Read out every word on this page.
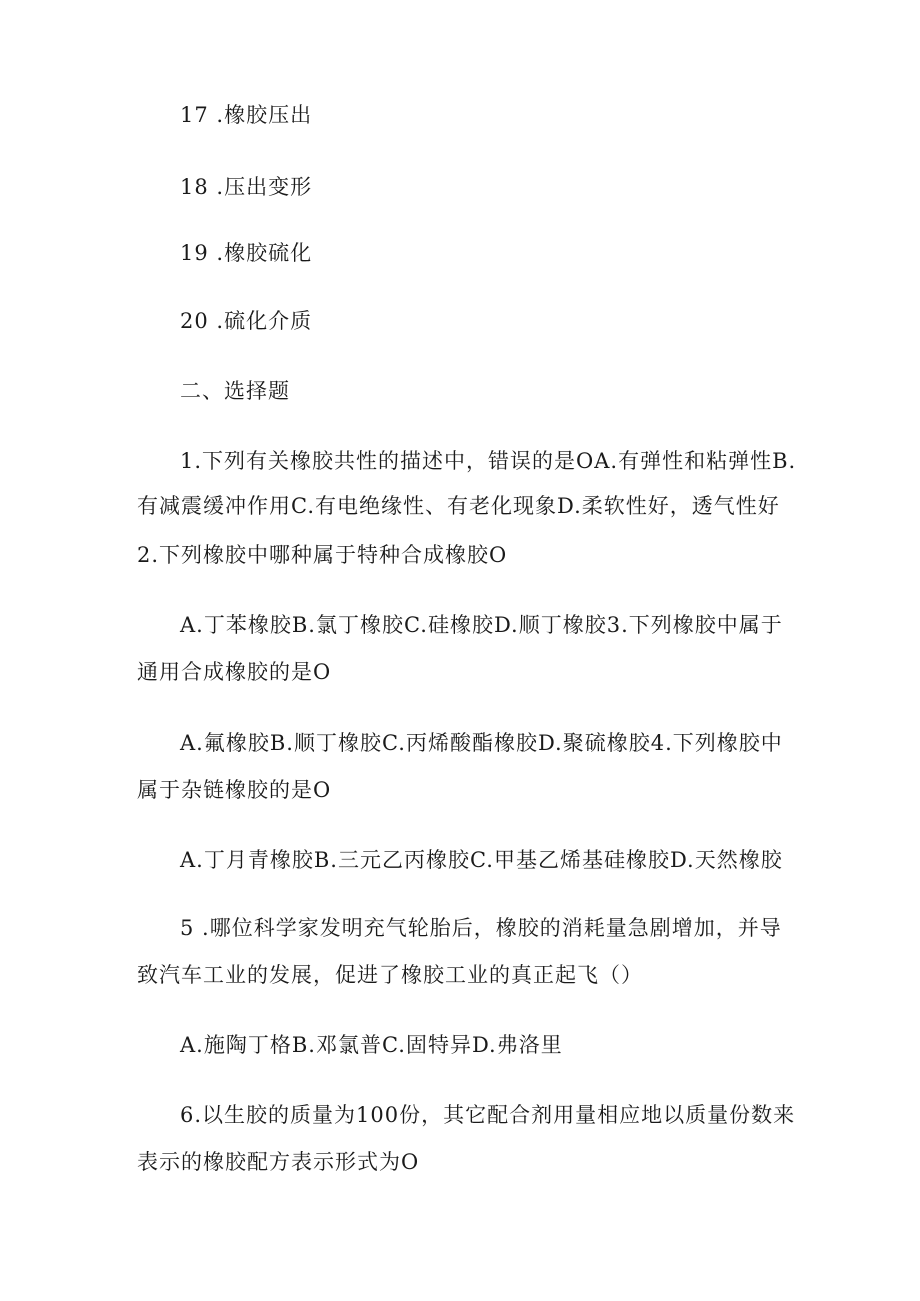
17 .橡胶压出
18 .压出变形
19 .橡胶硫化
20 .硫化介质
二、选择题
1.下列有关橡胶共性的描述中，错误的是OA.有弹性和粘弹性B.
有减震缓冲作用C.有电绝缘性、有老化现象D.柔软性好，透气性好
2.下列橡胶中哪种属于特种合成橡胶O
A.丁苯橡胶B.氯丁橡胶C.硅橡胶D.顺丁橡胶3.下列橡胶中属于
通用合成橡胶的是O
A.氟橡胶B.顺丁橡胶C.丙烯酸酯橡胶D.聚硫橡胶4.下列橡胶中
属于杂链橡胶的是O
A.丁月青橡胶B.三元乙丙橡胶C.甲基乙烯基硅橡胶D.天然橡胶
5 .哪位科学家发明充气轮胎后，橡胶的消耗量急剧增加，并导
致汽车工业的发展，促进了橡胶工业的真正起飞（）
A.施陶丁格B.邓氯普C.固特异D.弗洛里
6.以生胶的质量为100份，其它配合剂用量相应地以质量份数来
表示的橡胶配方表示形式为O
